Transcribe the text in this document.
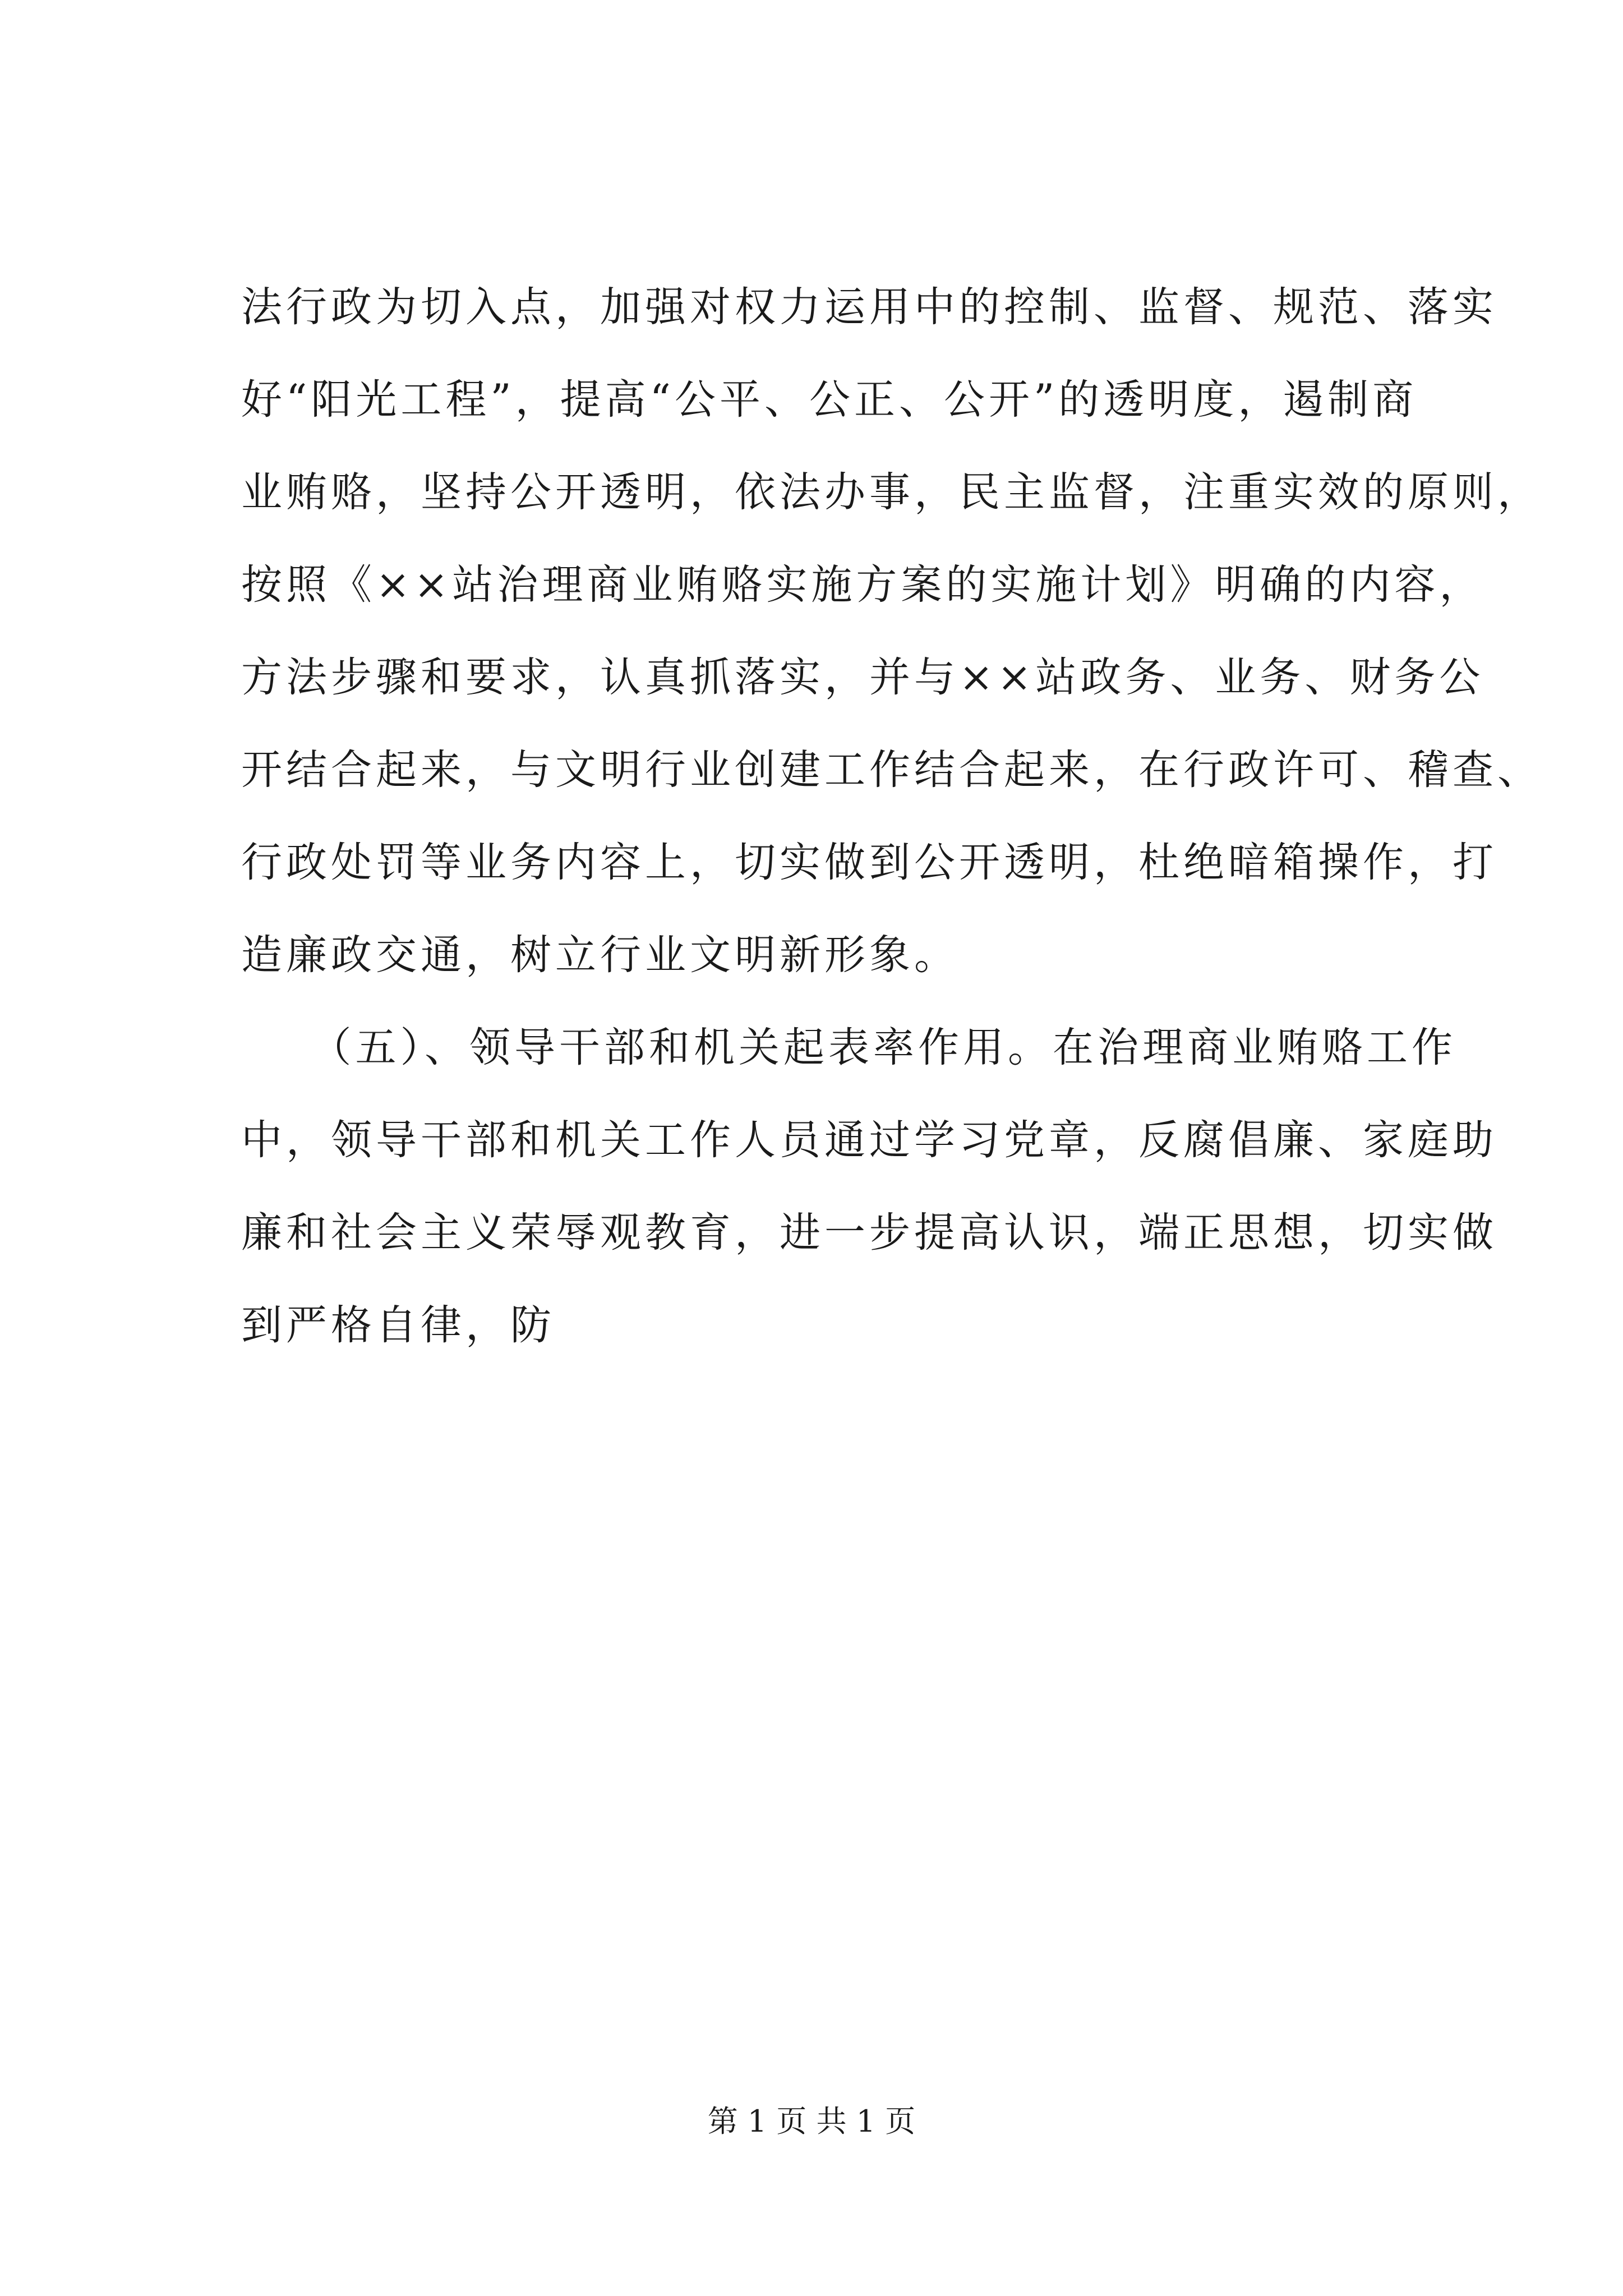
法行政为切入点，加强对权力运用中的控制、监督、规范、落实
好“阳光工程”，提高“公平、公正、公开”的透明度，遏制商
业贿赂，坚持公开透明，依法办事，民主监督，注重实效的原则，
按照《××站治理商业贿赂实施方案的实施计划》明确的内容，
方法步骤和要求，认真抓落实，并与××站政务、业务、财务公
开结合起来，与文明行业创建工作结合起来，在行政许可、稽查、
行政处罚等业务内容上，切实做到公开透明，杜绝暗箱操作，打
造廉政交通，树立行业文明新形象。
　　（五）、领导干部和机关起表率作用。在治理商业贿赂工作
中，领导干部和机关工作人员通过学习党章，反腐倡廉、家庭助
廉和社会主义荣辱观教育，进一步提高认识，端正思想，切实做
到严格自律，防
第 1 页 共 1 页
